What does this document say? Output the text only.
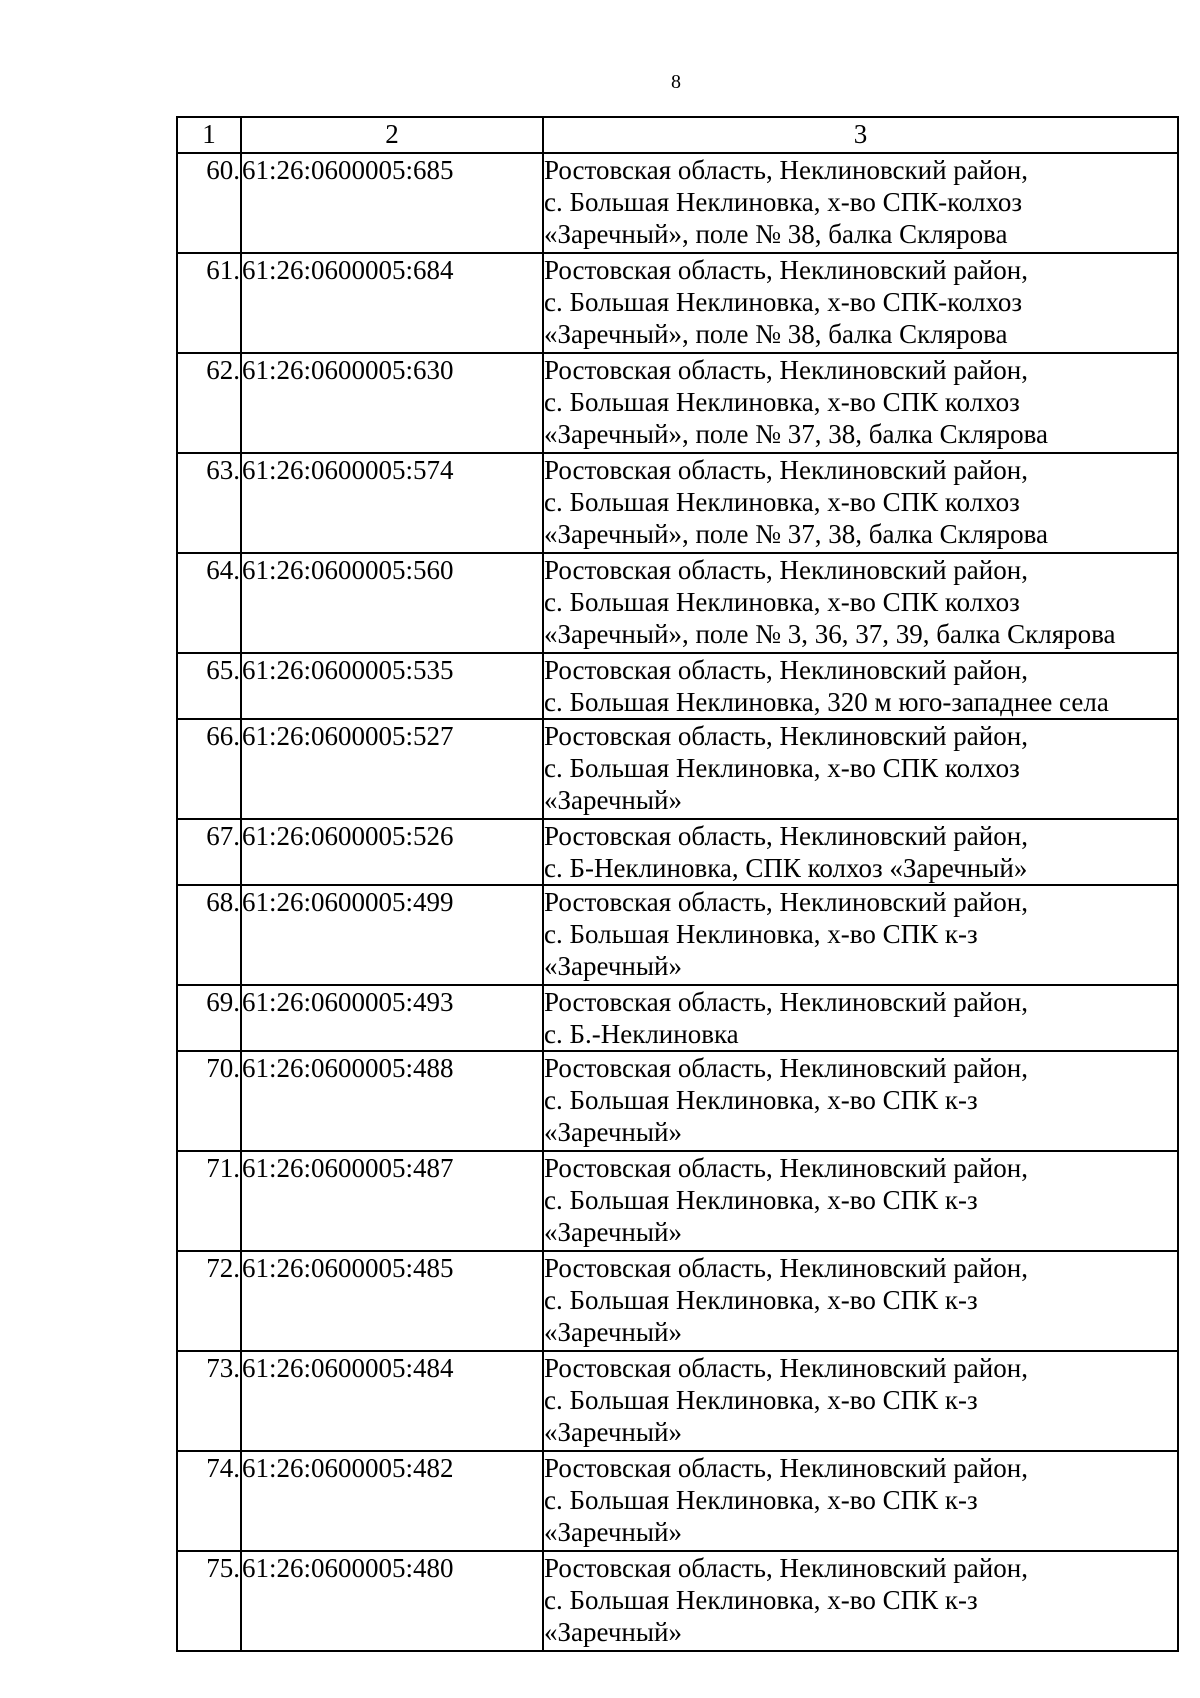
8
1	2	3
60.	61:26:0600005:685	Ростовская область, Неклиновский район,
с. Большая Неклиновка, х-во СПК-колхоз
«Заречный», поле № 38, балка Склярова

61.	61:26:0600005:684	Ростовская область, Неклиновский район,
с. Большая Неклиновка, х-во СПК-колхоз
«Заречный», поле № 38, балка Склярова

62.	61:26:0600005:630	Ростовская область, Неклиновский район,
с. Большая Неклиновка, х-во СПК колхоз
«Заречный», поле № 37, 38, балка Склярова

63.	61:26:0600005:574	Ростовская область, Неклиновский район,
с. Большая Неклиновка, х-во СПК колхоз
«Заречный», поле № 37, 38, балка Склярова

64.	61:26:0600005:560	Ростовская область, Неклиновский район,
с. Большая Неклиновка, х-во СПК колхоз
«Заречный», поле № 3, 36, 37, 39, балка Склярова

65.	61:26:0600005:535	Ростовская область, Неклиновский район,
с. Большая Неклиновка, 320 м юго-западнее села

66.	61:26:0600005:527	Ростовская область, Неклиновский район,
с. Большая Неклиновка, х-во СПК колхоз
«Заречный»

67.	61:26:0600005:526	Ростовская область, Неклиновский район,
с. Б-Неклиновка, СПК колхоз «Заречный»

68.	61:26:0600005:499	Ростовская область, Неклиновский район,
с. Большая Неклиновка, х-во СПК к-з
«Заречный»

69.	61:26:0600005:493	Ростовская область, Неклиновский район,
с. Б.-Неклиновка

70.	61:26:0600005:488	Ростовская область, Неклиновский район,
с. Большая Неклиновка, х-во СПК к-з
«Заречный»

71.	61:26:0600005:487	Ростовская область, Неклиновский район,
с. Большая Неклиновка, х-во СПК к-з
«Заречный»

72.	61:26:0600005:485	Ростовская область, Неклиновский район,
с. Большая Неклиновка, х-во СПК к-з
«Заречный»

73.	61:26:0600005:484	Ростовская область, Неклиновский район,
с. Большая Неклиновка, х-во СПК к-з
«Заречный»

74.	61:26:0600005:482	Ростовская область, Неклиновский район,
с. Большая Неклиновка, х-во СПК к-з
«Заречный»

75.	61:26:0600005:480	Ростовская область, Неклиновский район,
с. Большая Неклиновка, х-во СПК к-з
«Заречный»
